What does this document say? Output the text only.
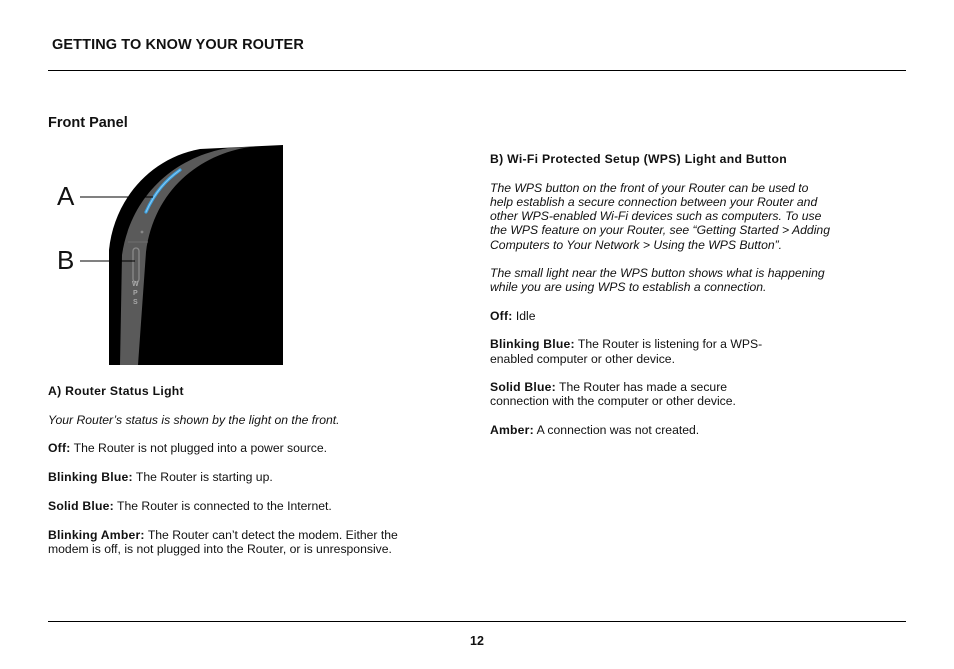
GETTING TO KNOW YOUR ROUTER
Front Panel
W
P
S
A
B

A) Router Status Light

Your Router’s status is shown by the light on the front.

Off: The Router is not plugged into a power source.

Blinking Blue: The Router is starting up.

Solid Blue: The Router is connected to the Internet.

Blinking Amber: The Router can’t detect the modem. Either the

modem is off, is not plugged into the Router, or is unresponsive.

B) Wi-Fi Protected Setup (WPS) Light and Button

The WPS button on the front of your Router can be used to

help establish a secure connection between your Router and

other WPS-enabled Wi-Fi devices such as computers. To use

the WPS feature on your Router, see “Getting Started > Adding

Computers to Your Network > Using the WPS Button”.

The small light near the WPS button shows what is happening

while you are using WPS to establish a connection.

Off: Idle

Blinking Blue: The Router is listening for a WPS-

enabled computer or other device.

Solid Blue: The Router has made a secure

connection with the computer or other device.

Amber: A connection was not created.

12
